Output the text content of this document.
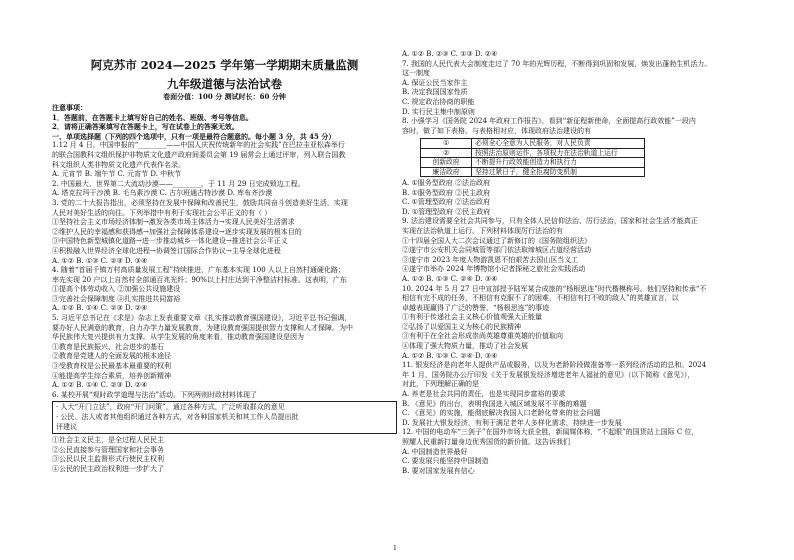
阿克苏市 2024—2025 学年第一学期期末质量监测
九年级道德与法治试卷
卷面分值：100 分 测试时长：60 分钟
注意事项：
1．答题前，在答题卡上填写好自己的姓名、班级、考号等信息。
2．请将正确答案填写在答题卡上，写在试卷上的答案无效。
一、单项选择题（下列的四个选项中，只有一项是最符合题意的。每小题 3 分，共 45 分）
1.12 月 4 日，中国申报的“________——中国人庆祝传统新年的社会实践”在巴拉圭亚松森举行
的联合国教科文组织保护非物质文化遗产政府间委员会第 19 届常会上通过评审，列入联合国教
科文组织人类非物质文化遗产代表作名录。
A. 元宵节 B. 端午节 C. 元宵节 D. 中秋节
2. 中国最大、世界第二大流动沙漠——________，于 11 月 29 日完成锁边工程。
A. 塔克拉玛干沙漠 B. 毛乌素沙漠 C. 古尔班通古特沙漠 D. 库布齐沙漠
3. 党的二十大报告指出，必须坚持在发展中保障和改善民生，鼓励共同奋斗创造美好生活，实现
人民对美好生活的向往。下列举措中有利于实现社会公平正义的有（ ）
①坚持社会主义市场经济体制→激发各类市场主体活力→实现人民美好生活需求
②维护人民的幸福感和获得感→加强社会保障体系建设→逐步实现发展的根本目的
③中国特色新型城镇化道路→进一步推动城乡一体化建设→推进社会公平正义
④积极融入世界经济全球化进程→协调签订国际合作协议→主导全球化进程
A. ①② B. ①③ C. ②③ D. ③④
4. 随着“首届千镇万村高质量发展工程”持续推进，广东基本实现 100 人以上自然村通硬化路；
率先实现 20 户以上自然村全部通百兆光纤；90%以上村庄达到干净整洁村标准。这表明，广东
①提高个体劳动收入 ②加强公共设施建设
③完善社会保障制度 ④扎实推进共同富裕
A. ①② B. ①④ C. ②③ D. ②④
5. 习近平总书记在《求是》杂志上发表重要文章《扎实推动教育强国建设》，习近平总书记强调，
要办好人民满意的教育，自力办学力量发展教育，为建设教育强国提供智力支撑和人才保障。为中
华民族伟大复兴提供有力支撑。从学生发展的角度来看，推动教育强国建设是因为
①教育是民族振兴、社会进步的基石
②教育是党建人的全面发展的根本途径
③受教育权是公民最基本最重要的权利
④能提高学生综合素质，培养创新精神
A. ①② B. ①④ C. ②③ D. ②④
6. 某校开展“观时政学道理与法治”活动。下列两则时政材料体现了
· 人大“开门立法”，政府“开门问策”，通过各种方式，广泛听取群众的意见
· 公民、法人或者其他组织通过各种方式，对各种国家机关和其工作人员提出批
评建议
①社会主义民主，是全过程人民民主
②公民直接参与管理国家和社会事务
③公民以民主监督形式行使民主权利
④公民的民主政治权利进一步扩大了
A. ①② B. ②③ C. ①③ D. ②④
7. 我国的人民代表大会制度走过了 70 年的光辉历程，不断得到巩固和发展，焕发出蓬勃生机活力。
这一制度
A. 保证公民当家作主
B. 决定我国国家性质
C. 规定政治协商的职能
D. 实行民主集中制原则
8. 小强学习《国务院 2024 年政府工作报告》，看到“新征程新使命，全面提高行政效能”一段内
容时，做了如下表格。与表格相对应，体现政府法治建设的有
①	必须全心全意为人民服务，对人民负责
②	按照法治原则运作，各项权力在法治轨道上运行
创新政府	不断提升行政效能创造力和执行力
廉洁政府	坚持过紧日子，健全拒腐防变机制
A. ①服务型政府 ②法治政府
B. ①服务型政府 ②民主政府
C. ①管理型政府 ②法治政府
D. ①管理型政府 ②民主政府
9. 法治建设需要全社会共同参与，只有全体人民信仰法治、厉行法治，国家和社会生活才能真正
实现在法治轨道上运行。下列材料体现厉行法治的有
①十四届全国人大二次会议通过了新修订的《国务院组织法》
②遂宁市公安机关会同城管等部门依法取缔城区占道经营活动
③遂宁市 2023 年度人物游凯恩不怕艰苦去国山区当义工
④遂宁市举办 2024 年博物馆小记者探秘之旅社会实践活动
A. ①② B. ①③ C. ②④ D. ③④
10. 2024 年 5 月 27 日中宣部授予陆军某合成旅的“杨根思连”时代楷模称号。他们坚持和传承“不
相信有完不成的任务，不相信有克服不了的困难，不相信有打不败的敌人”的英雄宣言，以
卓越表现赢得了广泛的赞誉，“杨根思连”的事迹
①有利于传递社会主义核心价值观强大正能量
②弘扬了以爱国主义为核心的民族精神
③有利于在全社会形成崇尚英雄尊重英雄的价值取向
④体现了强大物质力量，推动了社会发展
A. ①② B. ①③ C. ②④ D. ③④
11. 银发经济是向老年人提供产品或服务，以及为老龄阶段做准备等一系列经济活动的总和。2024
年 1 月，国务院办公厅印发《关于发展银发经济增进老年人福祉的意见》（以下简称《意见》），
对此，下列理解正确的是
A. 养老是社会共同的责任，也是实现同步富裕的要求
B. 《意见》的出台，表明我国进入城区域发展不平衡的难题
C. 《意见》的实施，能彻底解决我国人口老龄化带来的社会问题
D. 发展社大银发经济，有利于满足老年人多样化需求，持续进一步发展
12. 中国的电动车“三剑子”在国外市场大获全胜，新闻媒体称，“不起眼”的国货站上国际 C 位，
照耀人民重新打量身边优秀国货的新价值。这告诉我们
A. 中国制造世界最好
C. 要发展只能坚持中国制造
B. 要对国家发展有信心
1
